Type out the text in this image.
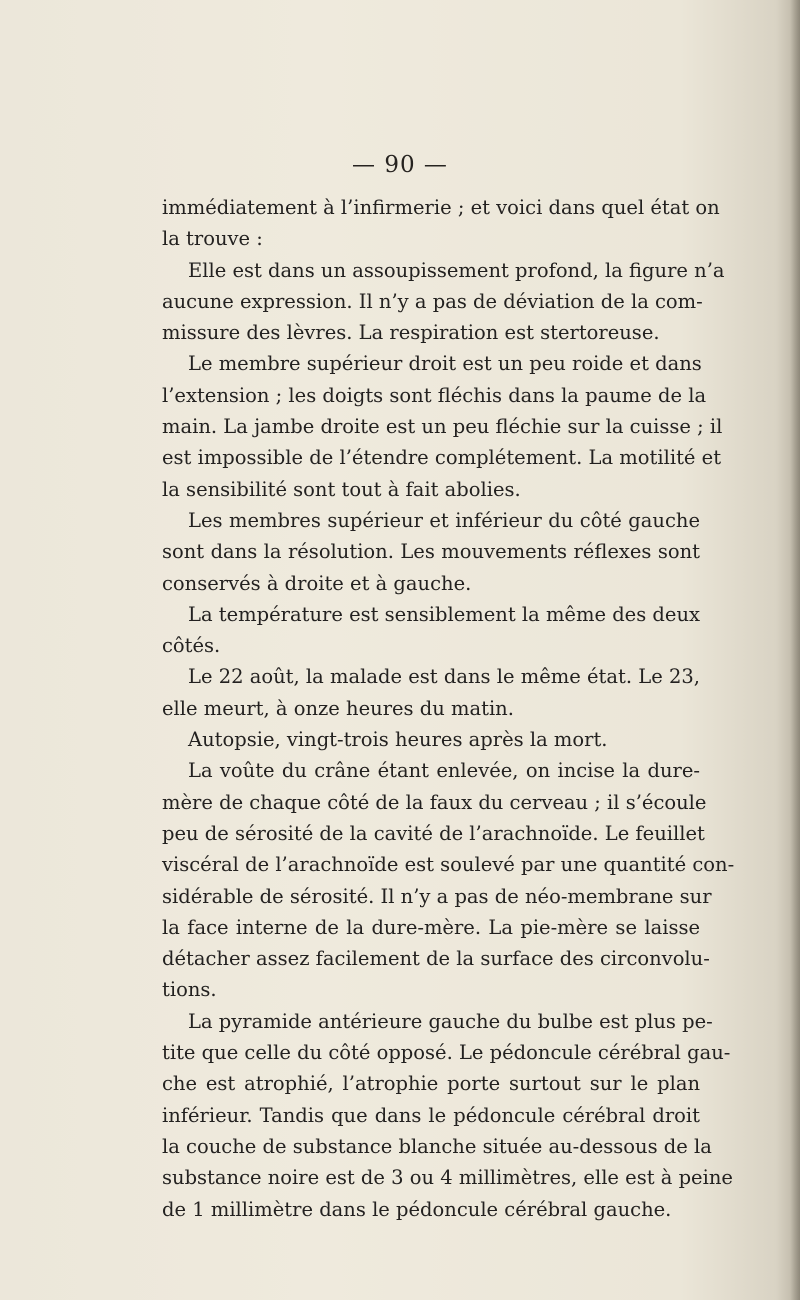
— 90 —
immédiatement à l’infirmerie ; et voici dans quel état on
la trouve :
Elle est dans un assoupissement profond, la figure n’a
aucune expression. Il n’y a pas de déviation de la com-
missure des lèvres. La respiration est stertoreuse.
Le membre supérieur droit est un peu roide et dans
l’extension ; les doigts sont fléchis dans la paume de la
main. La jambe droite est un peu fléchie sur la cuisse ; il
est impossible de l’étendre complétement. La motilité et
la sensibilité sont tout à fait abolies.
Les membres supérieur et inférieur du côté gauche
sont dans la résolution. Les mouvements réflexes sont
conservés à droite et à gauche.
La température est sensiblement la même des deux
côtés.
Le 22 août, la malade est dans le même état. Le 23,
elle meurt, à onze heures du matin.
Autopsie, vingt-trois heures après la mort.
La voûte du crâne étant enlevée, on incise la dure-
mère de chaque côté de la faux du cerveau ; il s’écoule
peu de sérosité de la cavité de l’arachnoïde. Le feuillet
viscéral de l’arachnoïde est soulevé par une quantité con-
sidérable de sérosité. Il n’y a pas de néo-membrane sur
la face interne de la dure-mère. La pie-mère se laisse
détacher assez facilement de la surface des circonvolu-
tions.
La pyramide antérieure gauche du bulbe est plus pe-
tite que celle du côté opposé. Le pédoncule cérébral gau-
che est atrophié, l’atrophie porte surtout sur le plan
inférieur. Tandis que dans le pédoncule cérébral droit
la couche de substance blanche située au-dessous de la
substance noire est de 3 ou 4 millimètres, elle est à peine
de 1 millimètre dans le pédoncule cérébral gauche.
